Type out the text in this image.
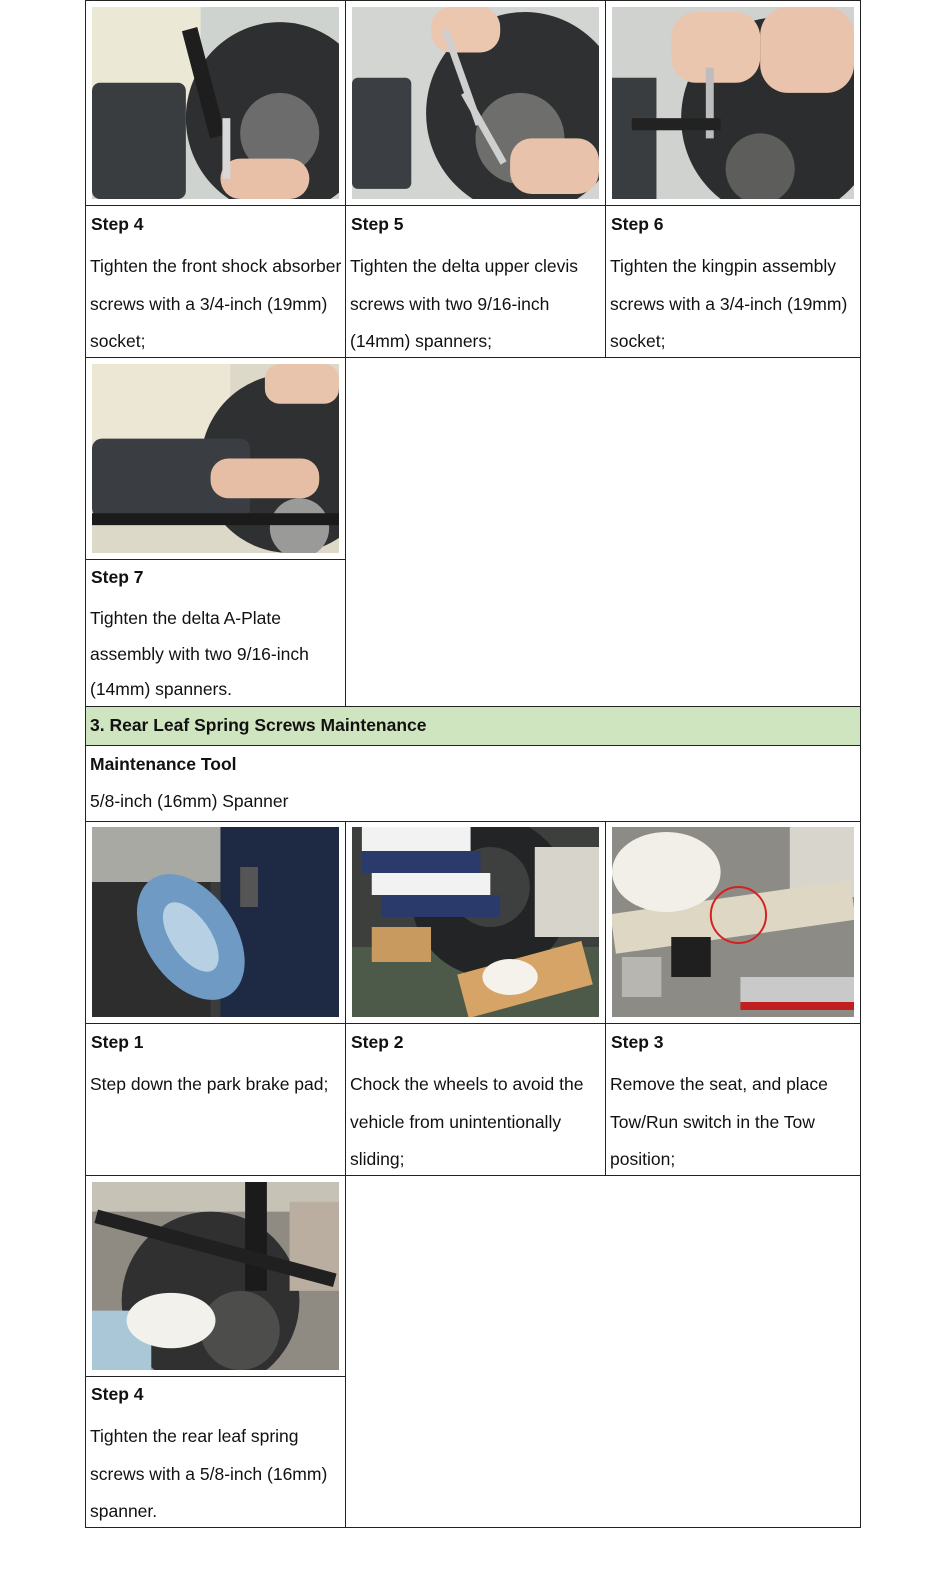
Step 4
Tighten the front shock absorber screws with a 3/4-inch (19mm) socket;
Step 5
Tighten the delta upper clevis screws with two 9/16-inch (14mm) spanners;
Step 6
Tighten the kingpin assembly screws with a 3/4-inch (19mm) socket;
Step 7
Tighten the delta A-Plate assembly with two 9/16-inch (14mm) spanners.
3. Rear Leaf Spring Screws Maintenance
Maintenance Tool
5/8-inch (16mm) Spanner
Step 1
Step down the park brake pad;
Step 2
Chock the wheels to avoid the vehicle from unintentionally sliding;
Step 3
Remove the seat, and place Tow/Run switch in the Tow position;
Step 4
Tighten the rear leaf spring screws with a 5/8-inch (16mm) spanner.
